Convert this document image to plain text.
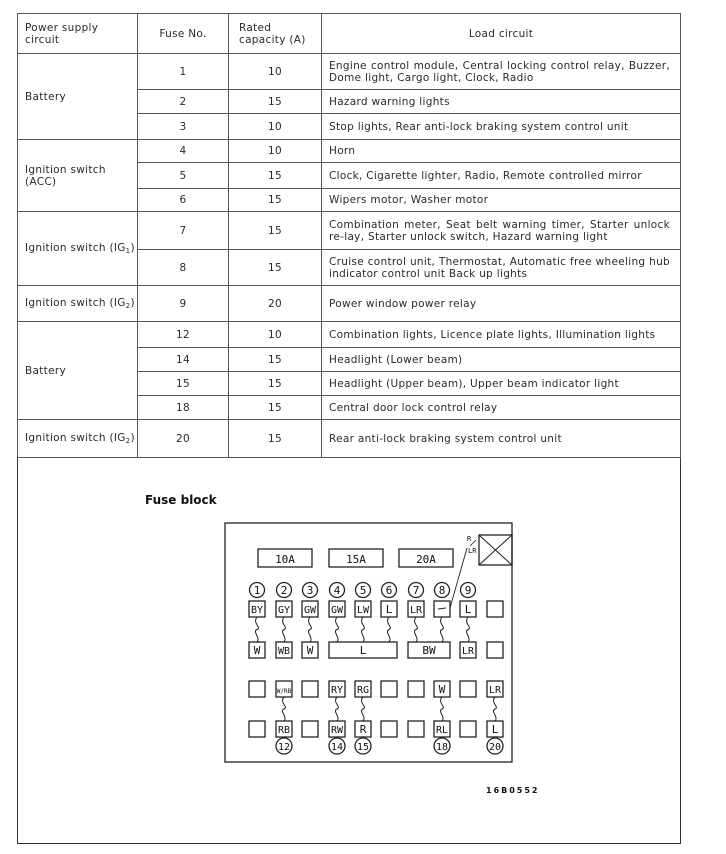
Power supply circuit	Fuse No.	Rated capacity (A)	Load circuit
Battery	1	10	Engine control module, Central locking control relay, Buzzer, Dome light, Cargo light, Clock, Radio
	2	15	Hazard warning lights
	3	10	Stop lights, Rear anti-lock braking system control unit
Ignition switch (ACC)	4	10	Horn
	5	15	Clock, Cigarette lighter, Radio, Remote controlled mirror
	6	15	Wipers motor, Washer motor
Ignition switch $(IG_1)$	7	15	Combination meter, Seat belt warning timer, Starter unlock re-lay, Starter unlock switch, Hazard warning light
	8	15	Cruise control unit, Thermostat, Automatic free wheeling hub indicator control unit Back up lights
Ignition switch $(IG_2)$	9	20	Power window power relay
Battery	12	10	Combination lights, Licence plate lights, Illumination lights
	14	15	Headlight (Lower beam)
	15	15	Headlight (Upper beam), Upper beam indicator light
	18	15	Central door lock control relay
Ignition switch $(IG_2)$	20	15	Rear anti-lock braking system control unit
Fuse block
10A	15A	20A
R
LR
1 2 3 4 5 6 7 8 9
BY GY GW GW LW L LR	L
W WB W	L	BW	LR
W/RB	RY RG	W	LR
RB	RW R	RL	L
12	14 15	18	20
16B0552
